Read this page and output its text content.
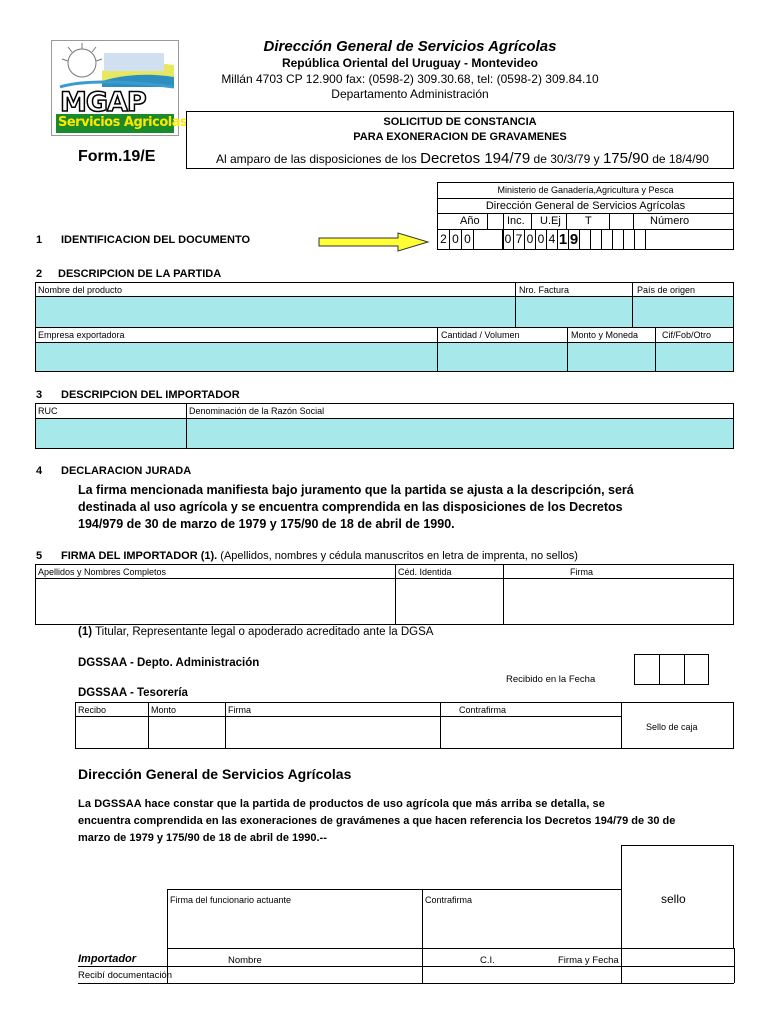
MGAP
Servicios Agricolas
Dirección General de Servicios Agrícolas
República Oriental del Uruguay - Montevideo
Millán 4703 CP 12.900 fax: (0598-2) 309.30.68, tel: (0598-2) 309.84.10
Departamento Administración
SOLICITUD DE CONSTANCIA
PARA EXONERACION DE GRAVAMENES
Al amparo de las disposiciones de los Decretos 194/79 de 30/3/79 y 175/90 de 18/4/90
Form.19/E
Ministerio de Ganadería,Agricultura y Pesca
Dirección General de Servicios Agrícolas
Año Inc. U.Ej T	Número
2 0 0	0 7 0 0 4 1 9
1 IDENTIFICACION DEL DOCUMENTO
2 DESCRIPCION DE LA PARTIDA
Nombre del producto	Nro. Factura	País de origen
Empresa exportadora	Cantidad / Volumen	Monto y Moneda	Cif/Fob/Otro
3 DESCRIPCION DEL IMPORTADOR
RUC	Denominación de la Razón Social
4 DECLARACION JURADA
La firma mencionada manifiesta bajo juramento que la partida se ajusta a la descripción, será
destinada al uso agrícola y se encuentra comprendida en las disposiciones de los Decretos
194/979 de 30 de marzo de 1979 y 175/90 de 18 de abril de 1990.
5 FIRMA DEL IMPORTADOR (1). (Apellidos, nombres y cédula manuscritos en letra de imprenta, no sellos)
Apellidos y Nombres Completos	Céd. Identida	Firma
(1) Titular, Representante legal o apoderado acreditado ante la DGSA
DGSSAA - Depto. Administración
Recibido en la Fecha
DGSSAA - Tesorería
Recibo	Monto	Firma	Contrafirma
Sello de caja
Dirección General de Servicios Agrícolas
La DGSSAA hace constar que la partida de productos de uso agrícola que más arriba se detalla, se
encuentra comprendida en las exoneraciones de gravámenes a que hacen referencia los Decretos 194/79 de 30 de
marzo de 1979 y 175/90 de 18 de abril de 1990.--
sello
Firma del funcionario actuante	Contrafirma
Importador	Nombre	C.I.	Firma y Fecha
Recibí documentación
